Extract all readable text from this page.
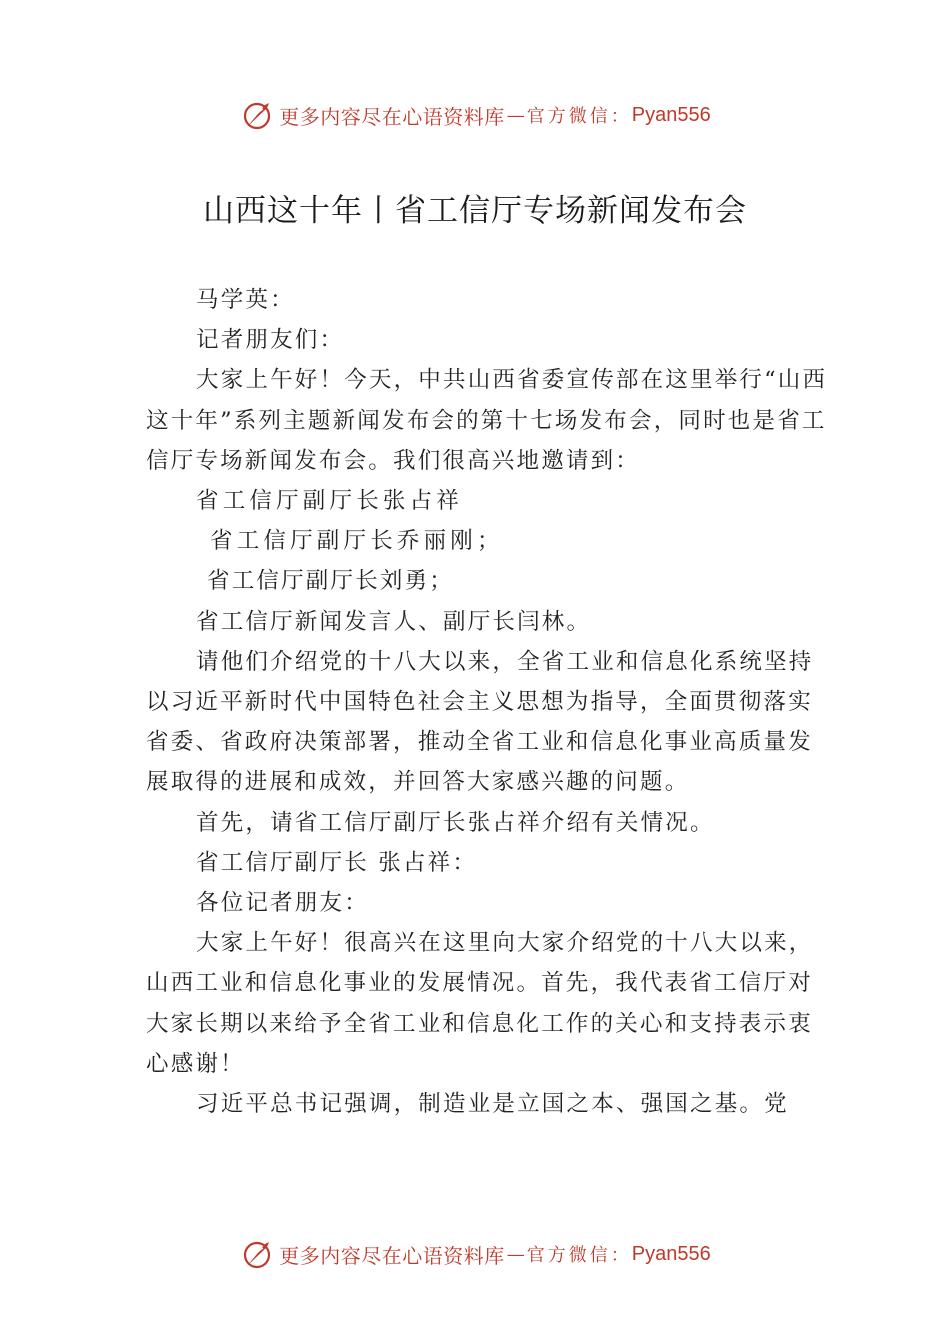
更多内容尽在心语资料库 — 官方微信： Pyan556
山西这十年丨省工信厅专场新闻发布会

马学英：

记者朋友们：

大家上午好！今天，中共山西省委宣传部在这里举行“山西这十年”系列主题新闻发布会的第十七场发布会，同时也是省工信厅专场新闻发布会。我们很高兴地邀请到：

省工信厅副厅长张占祥

省工信厅副厅长乔丽刚；

省工信厅副厅长刘勇；

省工信厅新闻发言人、副厅长闫林。

请他们介绍党的十八大以来，全省工业和信息化系统坚持以习近平新时代中国特色社会主义思想为指导，全面贯彻落实省委、省政府决策部署，推动全省工业和信息化事业高质量发展取得的进展和成效，并回答大家感兴趣的问题。

首先，请省工信厅副厅长张占祥介绍有关情况。

省工信厅副厅长 张占祥：

各位记者朋友：

大家上午好！很高兴在这里向大家介绍党的十八大以来，山西工业和信息化事业的发展情况。首先，我代表省工信厅对大家长期以来给予全省工业和信息化工作的关心和支持表示衷心感谢！

习近平总书记强调，制造业是立国之本、强国之基。党

更多内容尽在心语资料库 — 官方微信： Pyan556
